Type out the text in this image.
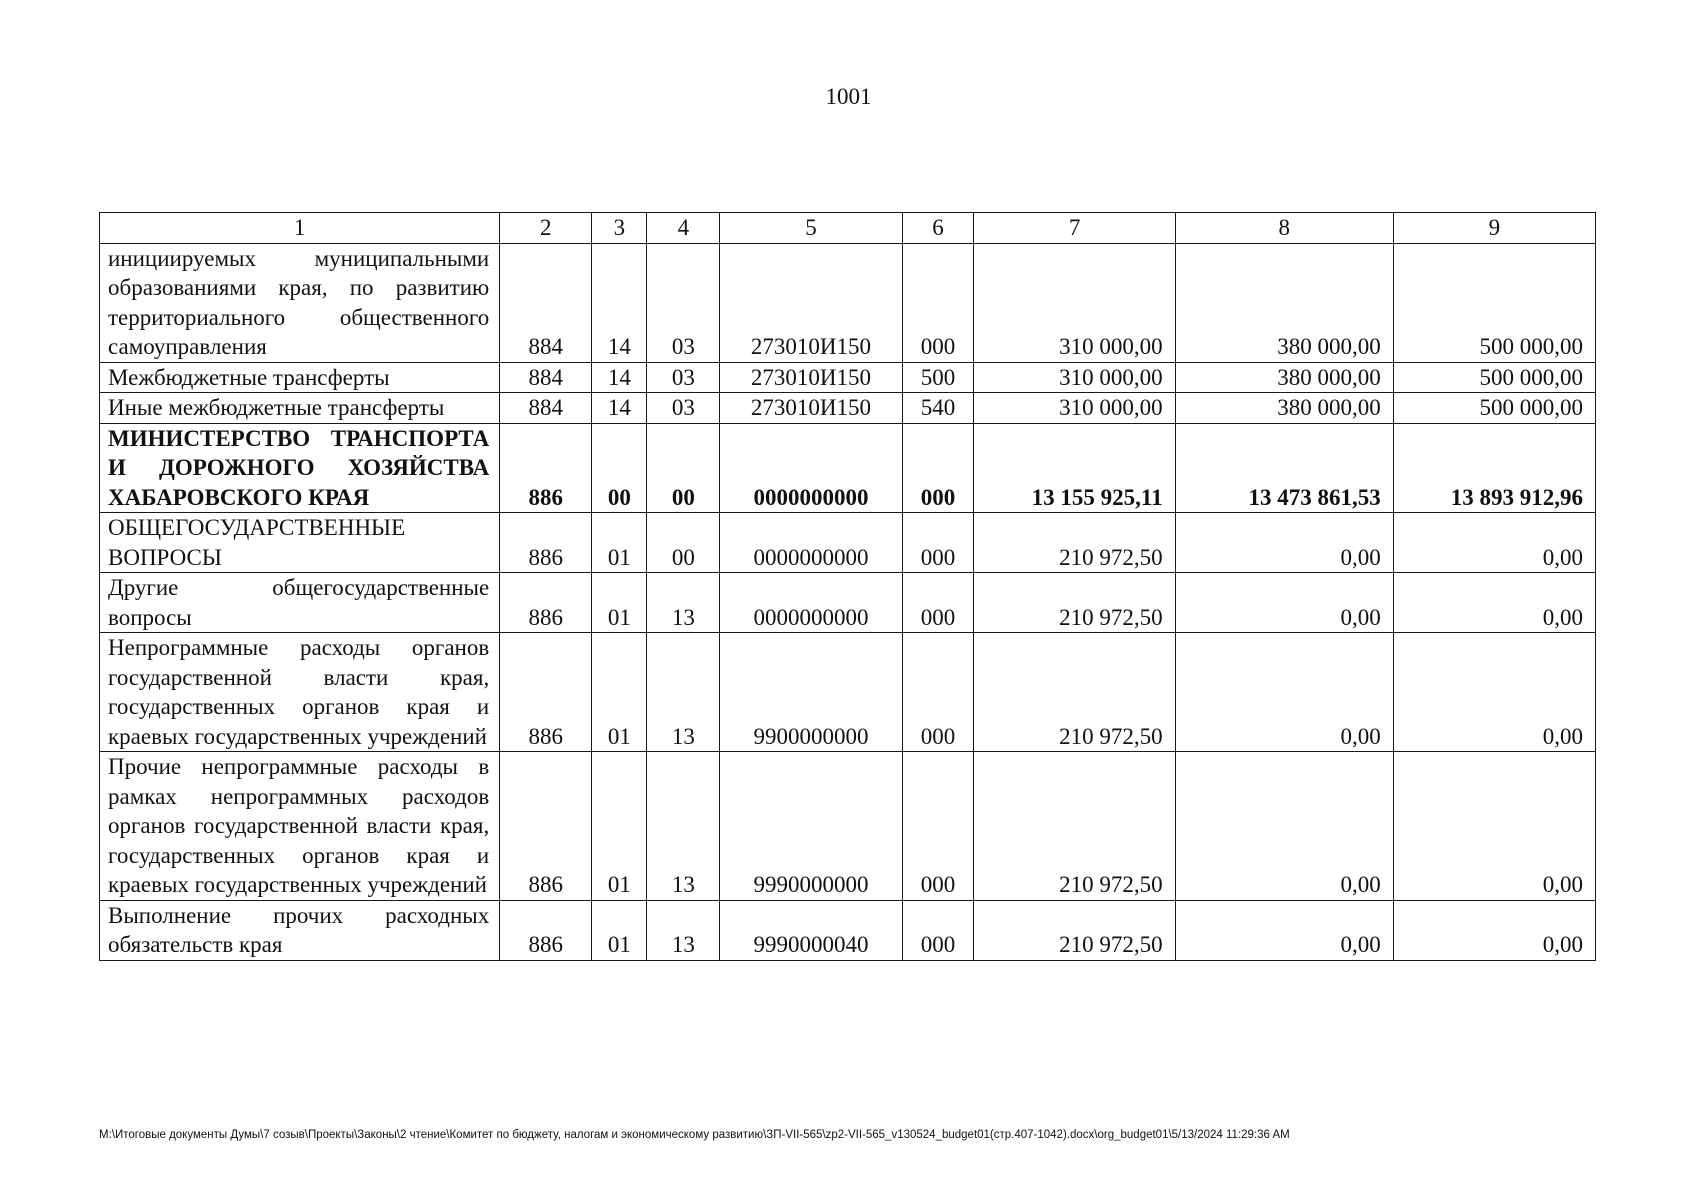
1001
1	2	3	4	5	6	7	8	9
инициируемых муниципальными образованиями края, по развитию территориального общественного самоуправления	884	14	03	273010И150	000	310 000,00	380 000,00	500 000,00
Межбюджетные трансферты	884	14	03	273010И150	500	310 000,00	380 000,00	500 000,00
Иные межбюджетные трансферты	884	14	03	273010И150	540	310 000,00	380 000,00	500 000,00
МИНИСТЕРСТВО ТРАНСПОРТА И ДОРОЖНОГО ХОЗЯЙСТВА ХАБАРОВСКОГО КРАЯ	886	00	00	0000000000	000	13 155 925,11	13 473 861,53	13 893 912,96
ОБЩЕГОСУДАРСТВЕННЫЕ ВОПРОСЫ	886	01	00	0000000000	000	210 972,50	0,00	0,00
Другие общегосударственные вопросы	886	01	13	0000000000	000	210 972,50	0,00	0,00
Непрограммные расходы органов государственной власти края, государственных органов края и краевых государственных учреждений	886	01	13	9900000000	000	210 972,50	0,00	0,00
Прочие непрограммные расходы в рамках непрограммных расходов органов государственной власти края, государственных органов края и краевых государственных учреждений	886	01	13	9990000000	000	210 972,50	0,00	0,00
Выполнение прочих расходных обязательств края	886	01	13	9990000040	000	210 972,50	0,00	0,00
M:\Итоговые документы Думы\7 созыв\Проекты\Законы\2 чтение\Комитет по бюджету, налогам и экономическому развитию\ЗП-VII-565\zp2-VII-565_v130524_budget01(стр.407-1042).docx\org_budget01\5/13/2024 11:29:36 AM
